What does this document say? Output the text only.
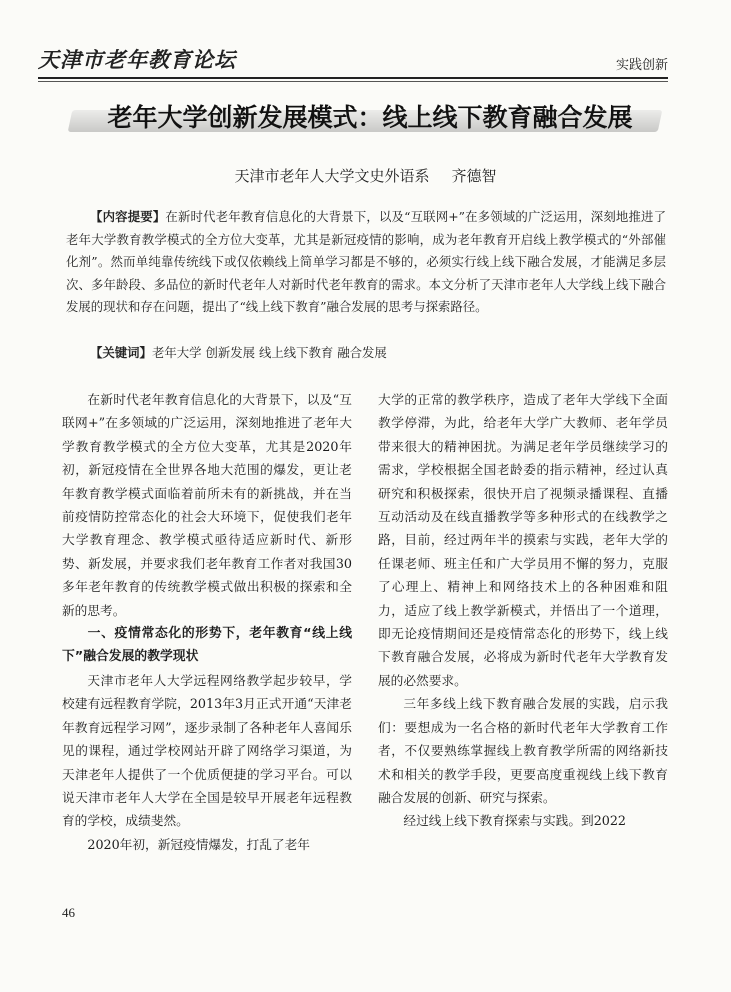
天津市老年教育论坛	实践创新
老年大学创新发展模式：线上线下教育融合发展
天津市老年人大学文史外语系 齐德智
【内容提要】在新时代老年教育信息化的大背景下，以及“互联网+”在多领域的广泛运用，深刻地推进了老年大学教育教学模式的全方位大变革，尤其是新冠疫情的影响，成为老年教育开启线上教学模式的“外部催化剂”。然而单纯靠传统线下或仅依赖线上简单学习都是不够的，必须实行线上线下融合发展，才能满足多层次、多年龄段、多品位的新时代老年人对新时代老年教育的需求。本文分析了天津市老年人大学线上线下融合发展的现状和存在问题，提出了“线上线下教育”融合发展的思考与探索路径。
【关键词】老年大学 创新发展 线上线下教育 融合发展

在新时代老年教育信息化的大背景下，以及“互联网+”在多领域的广泛运用，深刻地推进了老年大学教育教学模式的全方位大变革，尤其是2020年初，新冠疫情在全世界各地大范围的爆发，更让老年教育教学模式面临着前所未有的新挑战，并在当前疫情防控常态化的社会大环境下，促使我们老年大学教育理念、教学模式亟待适应新时代、新形势、新发展，并要求我们老年教育工作者对我国30多年老年教育的传统教学模式做出积极的探索和全新的思考。

一、疫情常态化的形势下，老年教育“线上线下”融合发展的教学现状

天津市老年人大学远程网络教学起步较早，学校建有远程教育学院，2013年3月正式开通“天津老年教育远程学习网”，逐步录制了各种老年人喜闻乐见的课程，通过学校网站开辟了网络学习渠道，为天津老年人提供了一个优质便捷的学习平台。可以说天津市老年人大学在全国是较早开展老年远程教育的学校，成绩斐然。

2020年初，新冠疫情爆发，打乱了老年

大学的正常的教学秩序，造成了老年大学线下全面教学停滞，为此，给老年大学广大教师、老年学员带来很大的精神困扰。为满足老年学员继续学习的需求，学校根据全国老龄委的指示精神，经过认真研究和积极探索，很快开启了视频录播课程、直播互动活动及在线直播教学等多种形式的在线教学之路，目前，经过两年半的摸索与实践，老年大学的任课老师、班主任和广大学员用不懈的努力，克服了心理上、精神上和网络技术上的各种困难和阻力，适应了线上教学新模式，并悟出了一个道理，即无论疫情期间还是疫情常态化的形势下，线上线下教育融合发展，必将成为新时代老年大学教育发展的必然要求。

三年多线上线下教育融合发展的实践，启示我们：要想成为一名合格的新时代老年大学教育工作者，不仅要熟练掌握线上教育教学所需的网络新技术和相关的教学手段，更要高度重视线上线下教育融合发展的创新、研究与探索。

经过线上线下教育探索与实践。到2022

46
